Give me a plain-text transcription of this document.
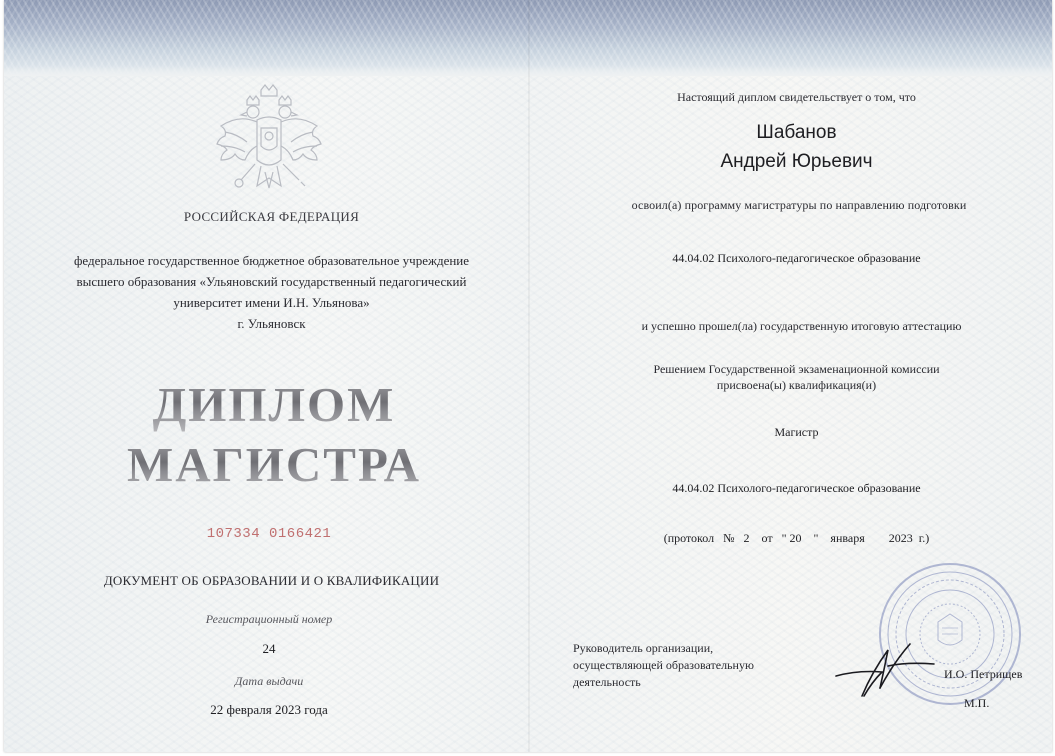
РОССИЙСКАЯ ФЕДЕРАЦИЯ
федеральное государственное бюджетное образовательное учреждение
высшего образования «Ульяновский государственный педагогический
университет имени И.Н. Ульянова»
г. Ульяновск
ДИПЛОМ
МАГИСТРА
107334 0166421
ДОКУМЕНТ ОБ ОБРАЗОВАНИИ И О КВАЛИФИКАЦИИ
Регистрационный номер
24
Дата выдачи
22 февраля 2023 года
Настоящий диплом свидетельствует о том, что
Шабанов
Андрей Юрьевич
освоил(а) программу магистратуры по направлению подготовки
44.04.02 Психолого-педагогическое образование
и успешно прошел(ла) государственную итоговую аттестацию
Решением Государственной экзаменационной комиссии
присвоена(ы) квалификация(и)
Магистр
44.04.02 Психолого-педагогическое образование
(протокол   №   2    от   " 20    "    января        2023  г.)
Руководитель организации,
осуществляющей образовательную
деятельность
И.О. Петрищев
М.П.
